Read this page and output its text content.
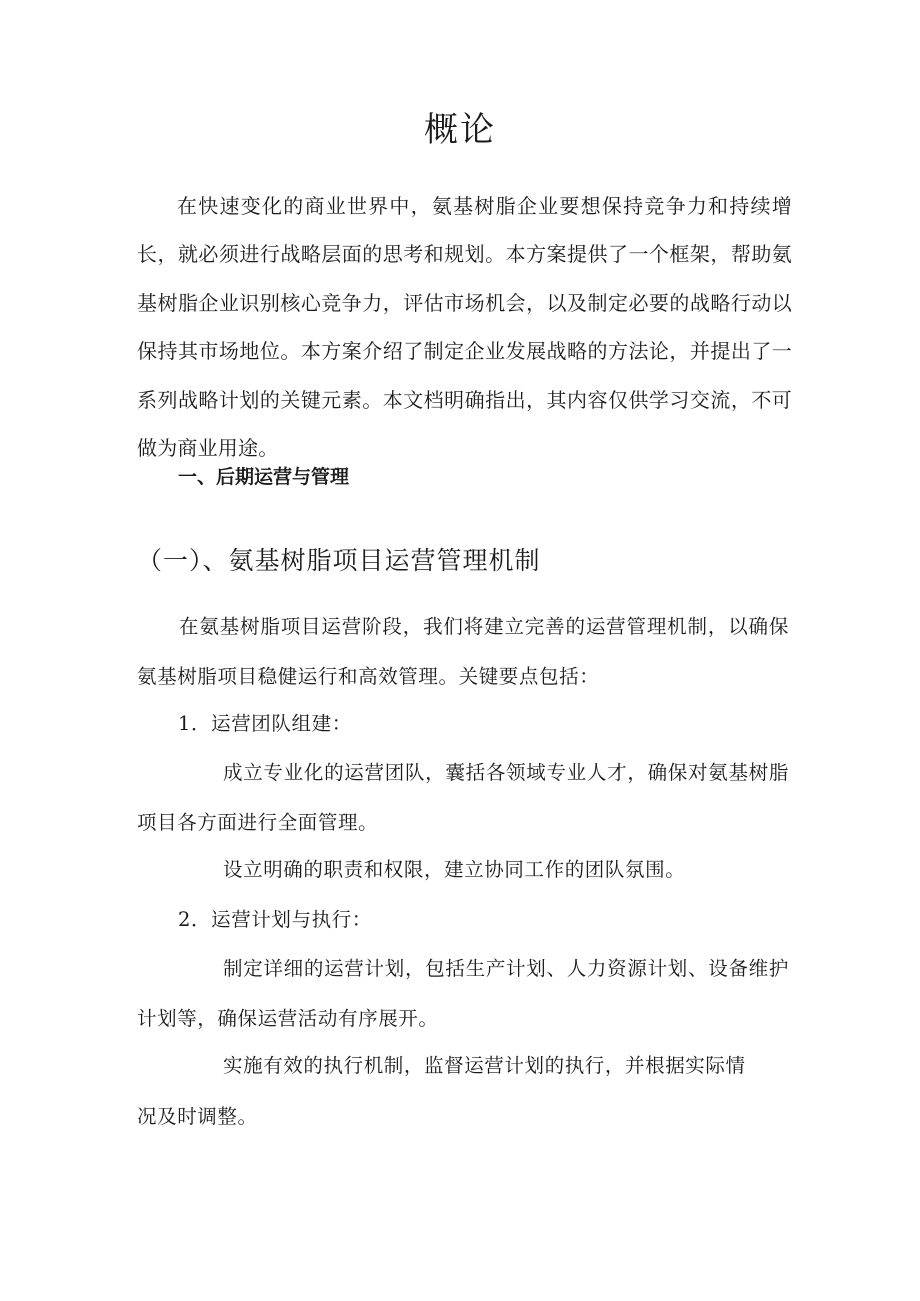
概论
在快速变化的商业世界中，氨基树脂企业要想保持竞争力和持续增长，就必须进行战略层面的思考和规划。本方案提供了一个框架，帮助氨基树脂企业识别核心竞争力，评估市场机会，以及制定必要的战略行动以保持其市场地位。本方案介绍了制定企业发展战略的方法论，并提出了一系列战略计划的关键元素。本文档明确指出，其内容仅供学习交流，不可做为商业用途。
一、后期运营与管理
（一）、氨基树脂项目运营管理机制
在氨基树脂项目运营阶段，我们将建立完善的运营管理机制，以确保氨基树脂项目稳健运行和高效管理。关键要点包括：
1．运营团队组建：
成立专业化的运营团队，囊括各领域专业人才，确保对氨基树脂项目各方面进行全面管理。
设立明确的职责和权限，建立协同工作的团队氛围。
2．运营计划与执行：
制定详细的运营计划，包括生产计划、人力资源计划、设备维护计划等，确保运营活动有序展开。
实施有效的执行机制，监督运营计划的执行，并根据实际情
况及时调整。
